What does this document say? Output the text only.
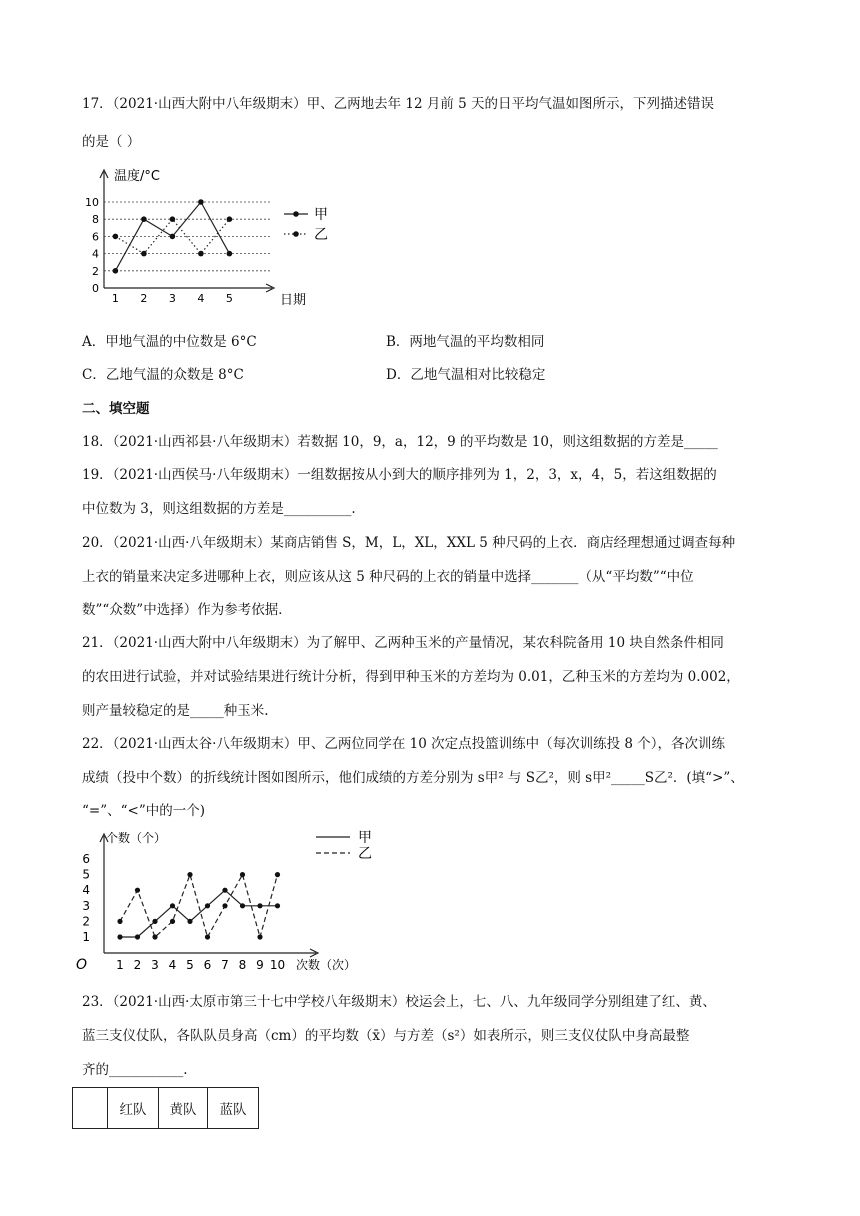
17．（2021·山西大附中八年级期末）甲、乙两地去年 12 月前 5 天的日平均气温如图所示，下列描述错误
的是（ ）
0
2
4
6
8
10
1 2 3 4 5
温度/°C
日期
甲
乙
A．甲地气温的中位数是 6°C	B．两地气温的平均数相同
C．乙地气温的众数是 8°C	D．乙地气温相对比较稳定
二、填空题
18．（2021·山西祁县·八年级期末）若数据 10，9，a，12，9 的平均数是 10，则这组数据的方差是_____
19．（2021·山西侯马·八年级期末）一组数据按从小到大的顺序排列为 1，2，3，x，4，5，若这组数据的
中位数为 3，则这组数据的方差是__________.
20．（2021·山西·八年级期末）某商店销售 S，M，L，XL，XXL 5 种尺码的上衣．商店经理想通过调查每种
上衣的销量来决定多进哪种上衣，则应该从这 5 种尺码的上衣的销量中选择_______（从“平均数”“中位
数”“众数”中选择）作为参考依据．
21．（2021·山西大附中八年级期末）为了解甲、乙两种玉米的产量情况，某农科院备用 10 块自然条件相同
的农田进行试验，并对试验结果进行统计分析，得到甲种玉米的方差均为 0.01，乙种玉米的方差均为 0.002，
则产量较稳定的是_____种玉米.
22．（2021·山西太谷·八年级期末）甲、乙两位同学在 10 次定点投篮训练中（每次训练投 8 个），各次训练
成绩（投中个数）的折线统计图如图所示，他们成绩的方差分别为 s甲² 与 S乙²，则 s甲²_____S乙²．(填“>”、
“=”、“<”中的一个)
1
2
3
4
5
6
1 2 3 4 5 6 7 8 9 10
O
个数（个）
次数（次）
甲
乙
23．（2021·山西·太原市第三十七中学校八年级期末）校运会上，七、八、九年级同学分别组建了红、黄、
蓝三支仪仗队，各队队员身高（cm）的平均数（x̄）与方差（s²）如表所示，则三支仪仗队中身高最整
齐的___________.
	红队	黄队	蓝队
